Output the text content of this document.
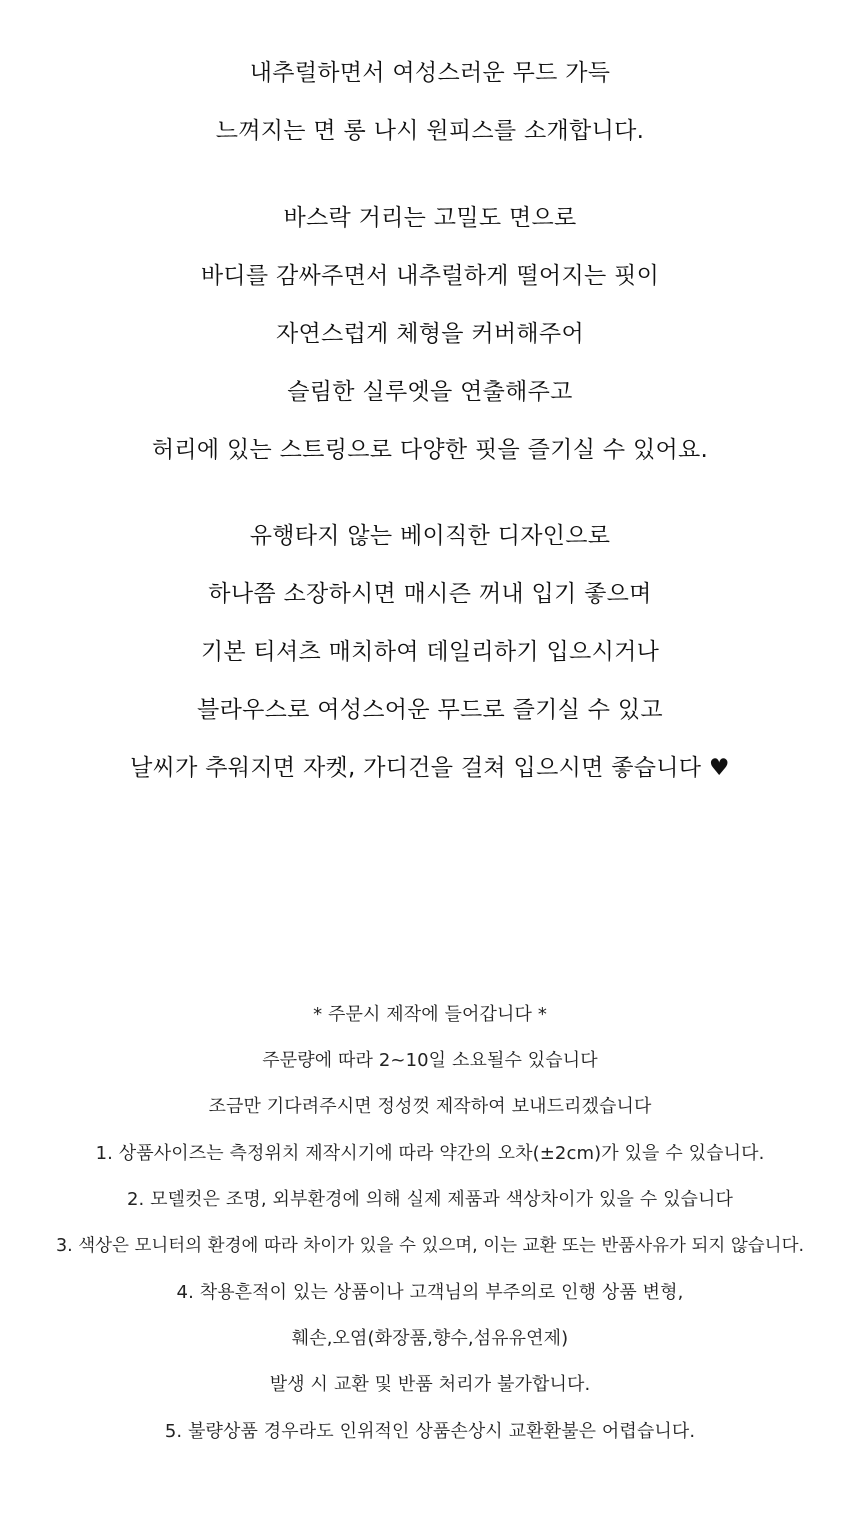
내추럴하면서 여성스러운 무드 가득
느껴지는 면 롱 나시 원피스를 소개합니다.
바스락 거리는 고밀도 면으로
바디를 감싸주면서 내추럴하게 떨어지는 핏이
자연스럽게 체형을 커버해주어
슬림한 실루엣을 연출해주고
허리에 있는 스트링으로 다양한 핏을 즐기실 수 있어요.
유행타지 않는 베이직한 디자인으로
하나쯤 소장하시면 매시즌 꺼내 입기 좋으며
기본 티셔츠 매치하여 데일리하기 입으시거나
블라우스로 여성스어운 무드로 즐기실 수 있고
날씨가 추워지면 자켓, 가디건을 걸쳐 입으시면 좋습니다 ♥
* 주문시 제작에 들어갑니다 *
주문량에 따라 2~10일 소요될수 있습니다
조금만 기다려주시면 정성껏 제작하여 보내드리겠습니다
1. 상품사이즈는 측정위치 제작시기에 따라 약간의 오차(±2cm)가 있을 수 있습니다.
2. 모델컷은 조명, 외부환경에 의해 실제 제품과 색상차이가 있을 수 있습니다
3. 색상은 모니터의 환경에 따라 차이가 있을 수 있으며, 이는 교환 또는 반품사유가 되지 않습니다.
4. 착용흔적이 있는 상품이나 고객님의 부주의로 인행 상품 변형,
훼손,오염(화장품,향수,섬유유연제)
발생 시 교환 및 반품 처리가 불가합니다.
5. 불량상품 경우라도 인위적인 상품손상시 교환환불은 어렵습니다.
